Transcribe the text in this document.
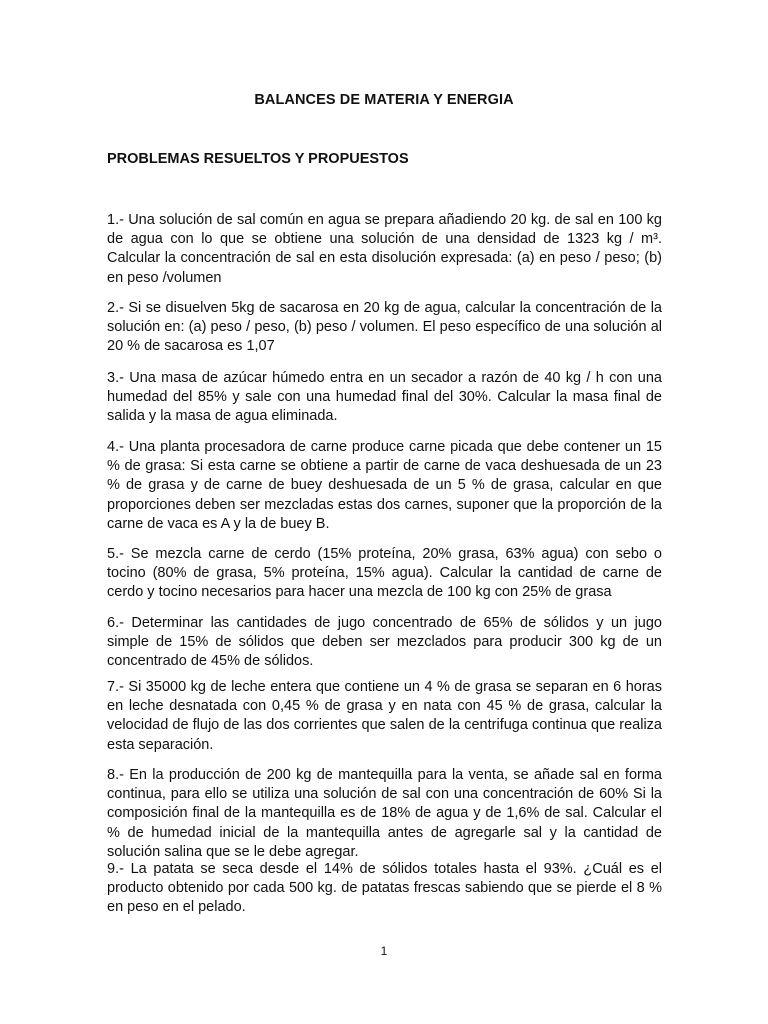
BALANCES DE MATERIA Y ENERGIA
PROBLEMAS RESUELTOS Y PROPUESTOS

1.- Una solución de sal común en agua se prepara añadiendo 20 kg. de sal en 100 kg de agua con lo que se obtiene una solución de una densidad de 1323 kg / m³. Calcular la concentración de sal en esta disolución expresada: (a) en peso / peso; (b) en peso /volumen

2.- Si se disuelven 5kg de sacarosa en 20 kg de agua, calcular la concentración de la solución en: (a) peso / peso, (b) peso / volumen. El peso específico de una solución al 20 % de sacarosa es 1,07

3.- Una masa de azúcar húmedo entra en un secador a razón de 40 kg / h con una humedad del 85% y sale con una humedad final del 30%. Calcular la masa final de salida y la masa de agua eliminada.

4.- Una planta procesadora de carne produce carne picada que debe contener un 15 % de grasa: Si esta carne se obtiene a partir de carne de vaca deshuesada de un 23 % de grasa y de carne de buey deshuesada de un 5 % de grasa, calcular en que proporciones deben ser mezcladas estas dos carnes, suponer que la proporción de la carne de vaca es A y la de buey B.

5.- Se mezcla carne de cerdo (15% proteína, 20% grasa, 63% agua) con sebo o tocino (80% de grasa, 5% proteína, 15% agua). Calcular la cantidad de carne de cerdo y tocino necesarios para hacer una mezcla de 100 kg con 25% de grasa

6.- Determinar las cantidades de jugo concentrado de 65% de sólidos y un jugo simple de 15% de sólidos que deben ser mezclados para producir 300 kg de un concentrado de 45% de sólidos.

7.- Si 35000 kg de leche entera que contiene un 4 % de grasa se separan en 6 horas en leche desnatada con 0,45 % de grasa y en nata con 45 % de grasa, calcular la velocidad de flujo de las dos corrientes que salen de la centrifuga continua que realiza esta separación.

8.- En la producción de 200 kg de mantequilla para la venta, se añade sal en forma continua, para ello se utiliza una solución de sal con una concentración de 60% Si la composición final de la mantequilla es de 18% de agua y de 1,6% de sal. Calcular el % de humedad inicial de la mantequilla antes de agregarle sal y la cantidad de solución salina que se le debe agregar.

9.- La patata se seca desde el 14% de sólidos totales hasta el 93%. ¿Cuál es el producto obtenido por cada 500 kg. de patatas frescas sabiendo que se pierde el 8 % en peso en el pelado.

1
